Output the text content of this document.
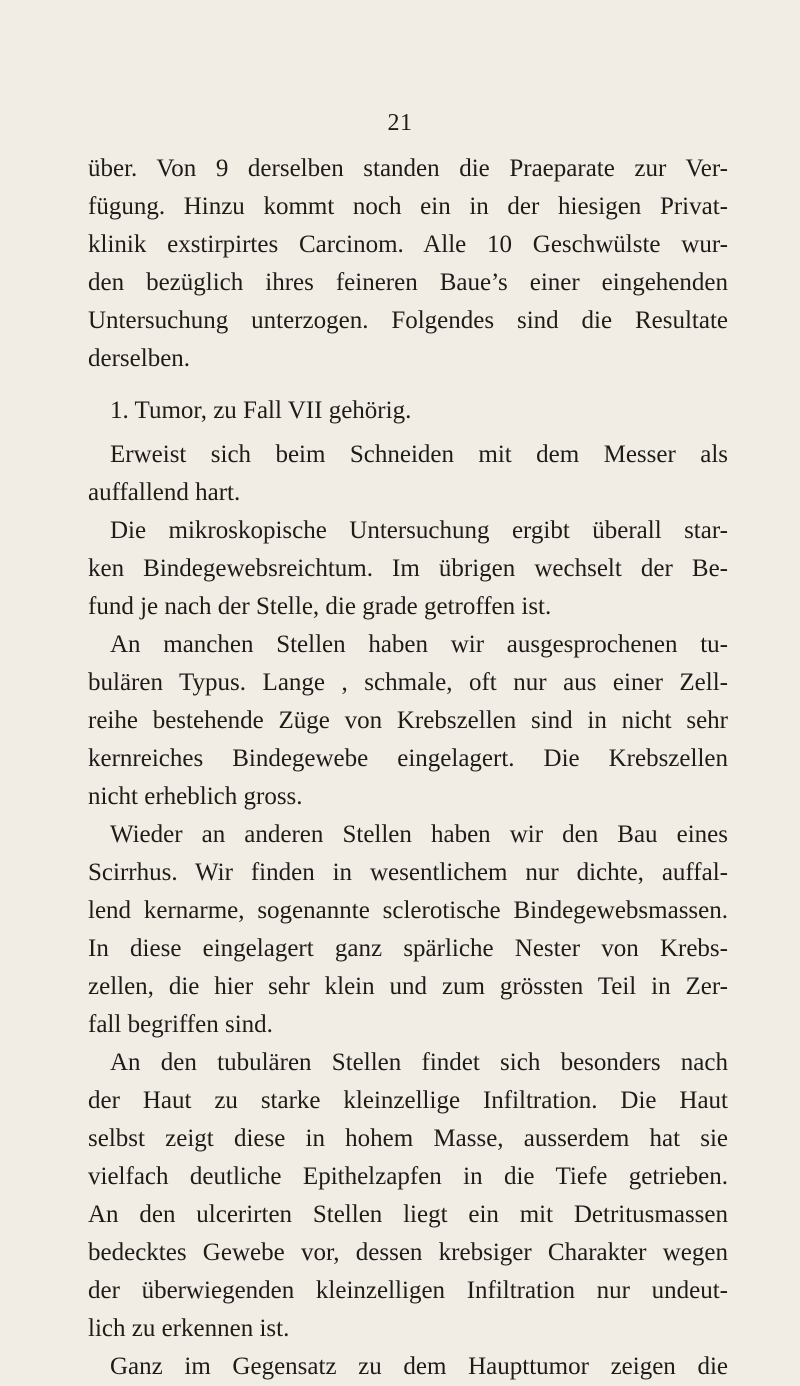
21
über. Von 9 derselben standen die Praeparate zur Ver-
fügung. Hinzu kommt noch ein in der hiesigen Privat-
klinik exstirpirtes Carcinom. Alle 10 Geschwülste wur-
den bezüglich ihres feineren Baue’s einer eingehenden
Untersuchung unterzogen. Folgendes sind die Resultate
derselben.
1. Tumor, zu Fall VII gehörig.
Erweist sich beim Schneiden mit dem Messer als
auffallend hart.
Die mikroskopische Untersuchung ergibt überall star-
ken Bindegewebsreichtum. Im übrigen wechselt der Be-
fund je nach der Stelle, die grade getroffen ist.
An manchen Stellen haben wir ausgesprochenen tu-
bulären Typus. Lange , schmale, oft nur aus einer Zell-
reihe bestehende Züge von Krebszellen sind in nicht sehr
kernreiches Bindegewebe eingelagert. Die Krebszellen
nicht erheblich gross.
Wieder an anderen Stellen haben wir den Bau eines
Scirrhus. Wir finden in wesentlichem nur dichte, auffal-
lend kernarme, sogenannte sclerotische Bindegewebsmassen.
In diese eingelagert ganz spärliche Nester von Krebs-
zellen, die hier sehr klein und zum grössten Teil in Zer-
fall begriffen sind.
An den tubulären Stellen findet sich besonders nach
der Haut zu starke kleinzellige Infiltration. Die Haut
selbst zeigt diese in hohem Masse, ausserdem hat sie
vielfach deutliche Epithelzapfen in die Tiefe getrieben.
An den ulcerirten Stellen liegt ein mit Detritusmassen
bedecktes Gewebe vor, dessen krebsiger Charakter wegen
der überwiegenden kleinzelligen Infiltration nur undeut-
lich zu erkennen ist.
Ganz im Gegensatz zu dem Haupttumor zeigen die
